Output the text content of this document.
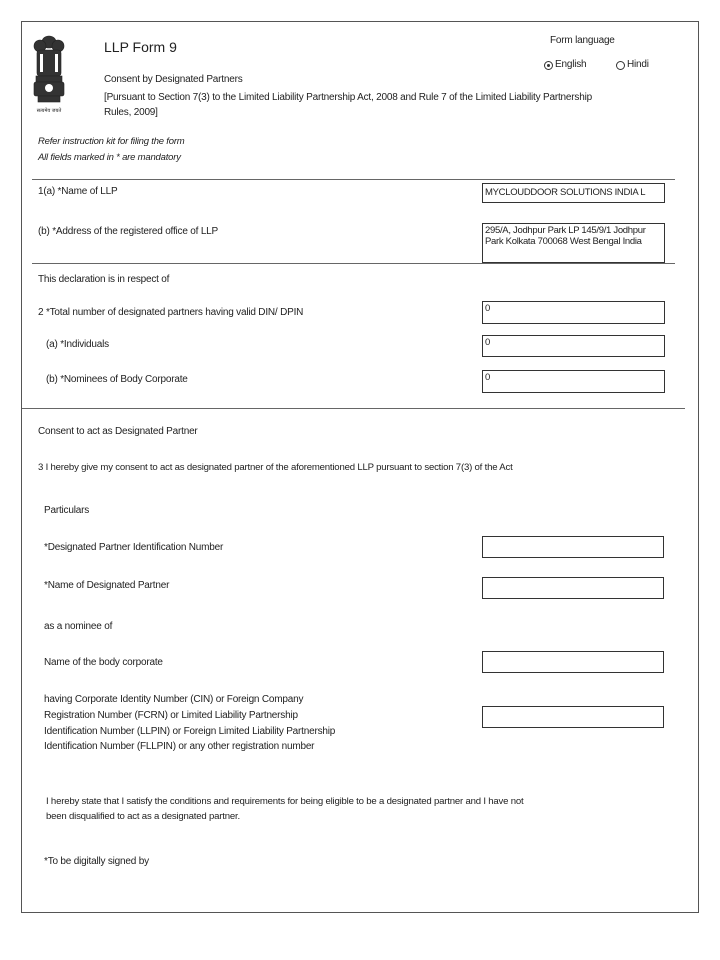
सत्यमेव जयते
LLP Form 9
Consent by Designated Partners
[Pursuant to Section 7(3) to the Limited Liability Partnership Act, 2008 and Rule 7 of the Limited Liability Partnership
Rules, 2009]
Form language
English	Hindi
Refer instruction kit for filing the form
All fields marked in * are mandatory
1(a) *Name of LLP	MYCLOUDDOOR SOLUTIONS INDIA L
(b) *Address of the registered office of LLP	295/A, Jodhpur Park LP 145/9/1 Jodhpur Park Kolkata 700068 West Bengal India
This declaration is in respect of
2 *Total number of designated partners having valid DIN/ DPIN	0
(a) *Individuals	0
(b) *Nominees of Body Corporate	0
Consent to act as Designated Partner
3 I hereby give my consent to act as designated partner of the aforementioned LLP pursuant to section 7(3) of the Act
Particulars
*Designated Partner Identification Number
*Name of Designated Partner
as a nominee of
Name of the body corporate
having Corporate Identity Number (CIN) or Foreign Company
Registration Number (FCRN) or Limited Liability Partnership
Identification Number (LLPIN) or Foreign Limited Liability Partnership
Identification Number (FLLPIN) or any other registration number
I hereby state that I satisfy the conditions and requirements for being eligible to be a designated partner and I have not
been disqualified to act as a designated partner.
*To be digitally signed by
